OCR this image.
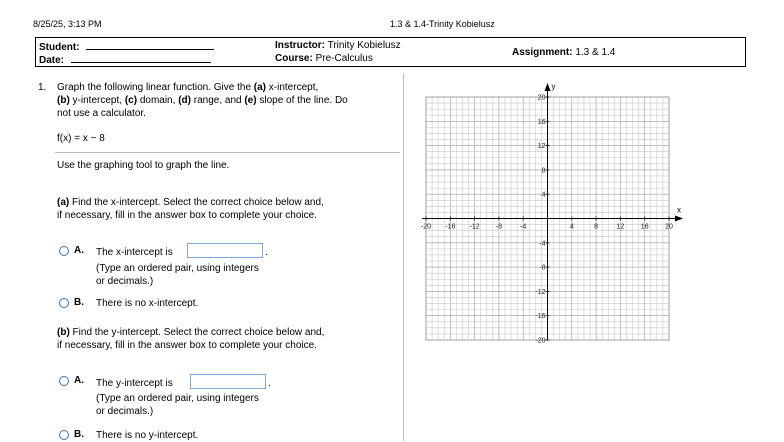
8/25/25, 3:13 PM	1.3 & 1.4-Trinity Kobielusz
Student:
Date:
Instructor: Trinity Kobielusz
Course: Pre-Calculus
Assignment: 1.3 & 1.4
1. Graph the following linear function. Give the (a) x-intercept,
(b) y-intercept, (c) domain, (d) range, and (e) slope of the line. Do
not use a calculator.
f(x) = x − 8
Use the graphing tool to graph the line.
(a) Find the x-intercept. Select the correct choice below and,
if necessary, fill in the answer box to complete your choice.
A. The x-intercept is	.
(Type an ordered pair, using integers
or decimals.)
B. There is no x-intercept.
(b) Find the y-intercept. Select the correct choice below and,
if necessary, fill in the answer box to complete your choice.
A. The y-intercept is	.
(Type an ordered pair, using integers
or decimals.)
B. There is no y-intercept.
x
y
-20 -16 -12 -8	-4	4	8	12 16 20
20
16
12
8
4
-4
-8
-12
-16
-20
